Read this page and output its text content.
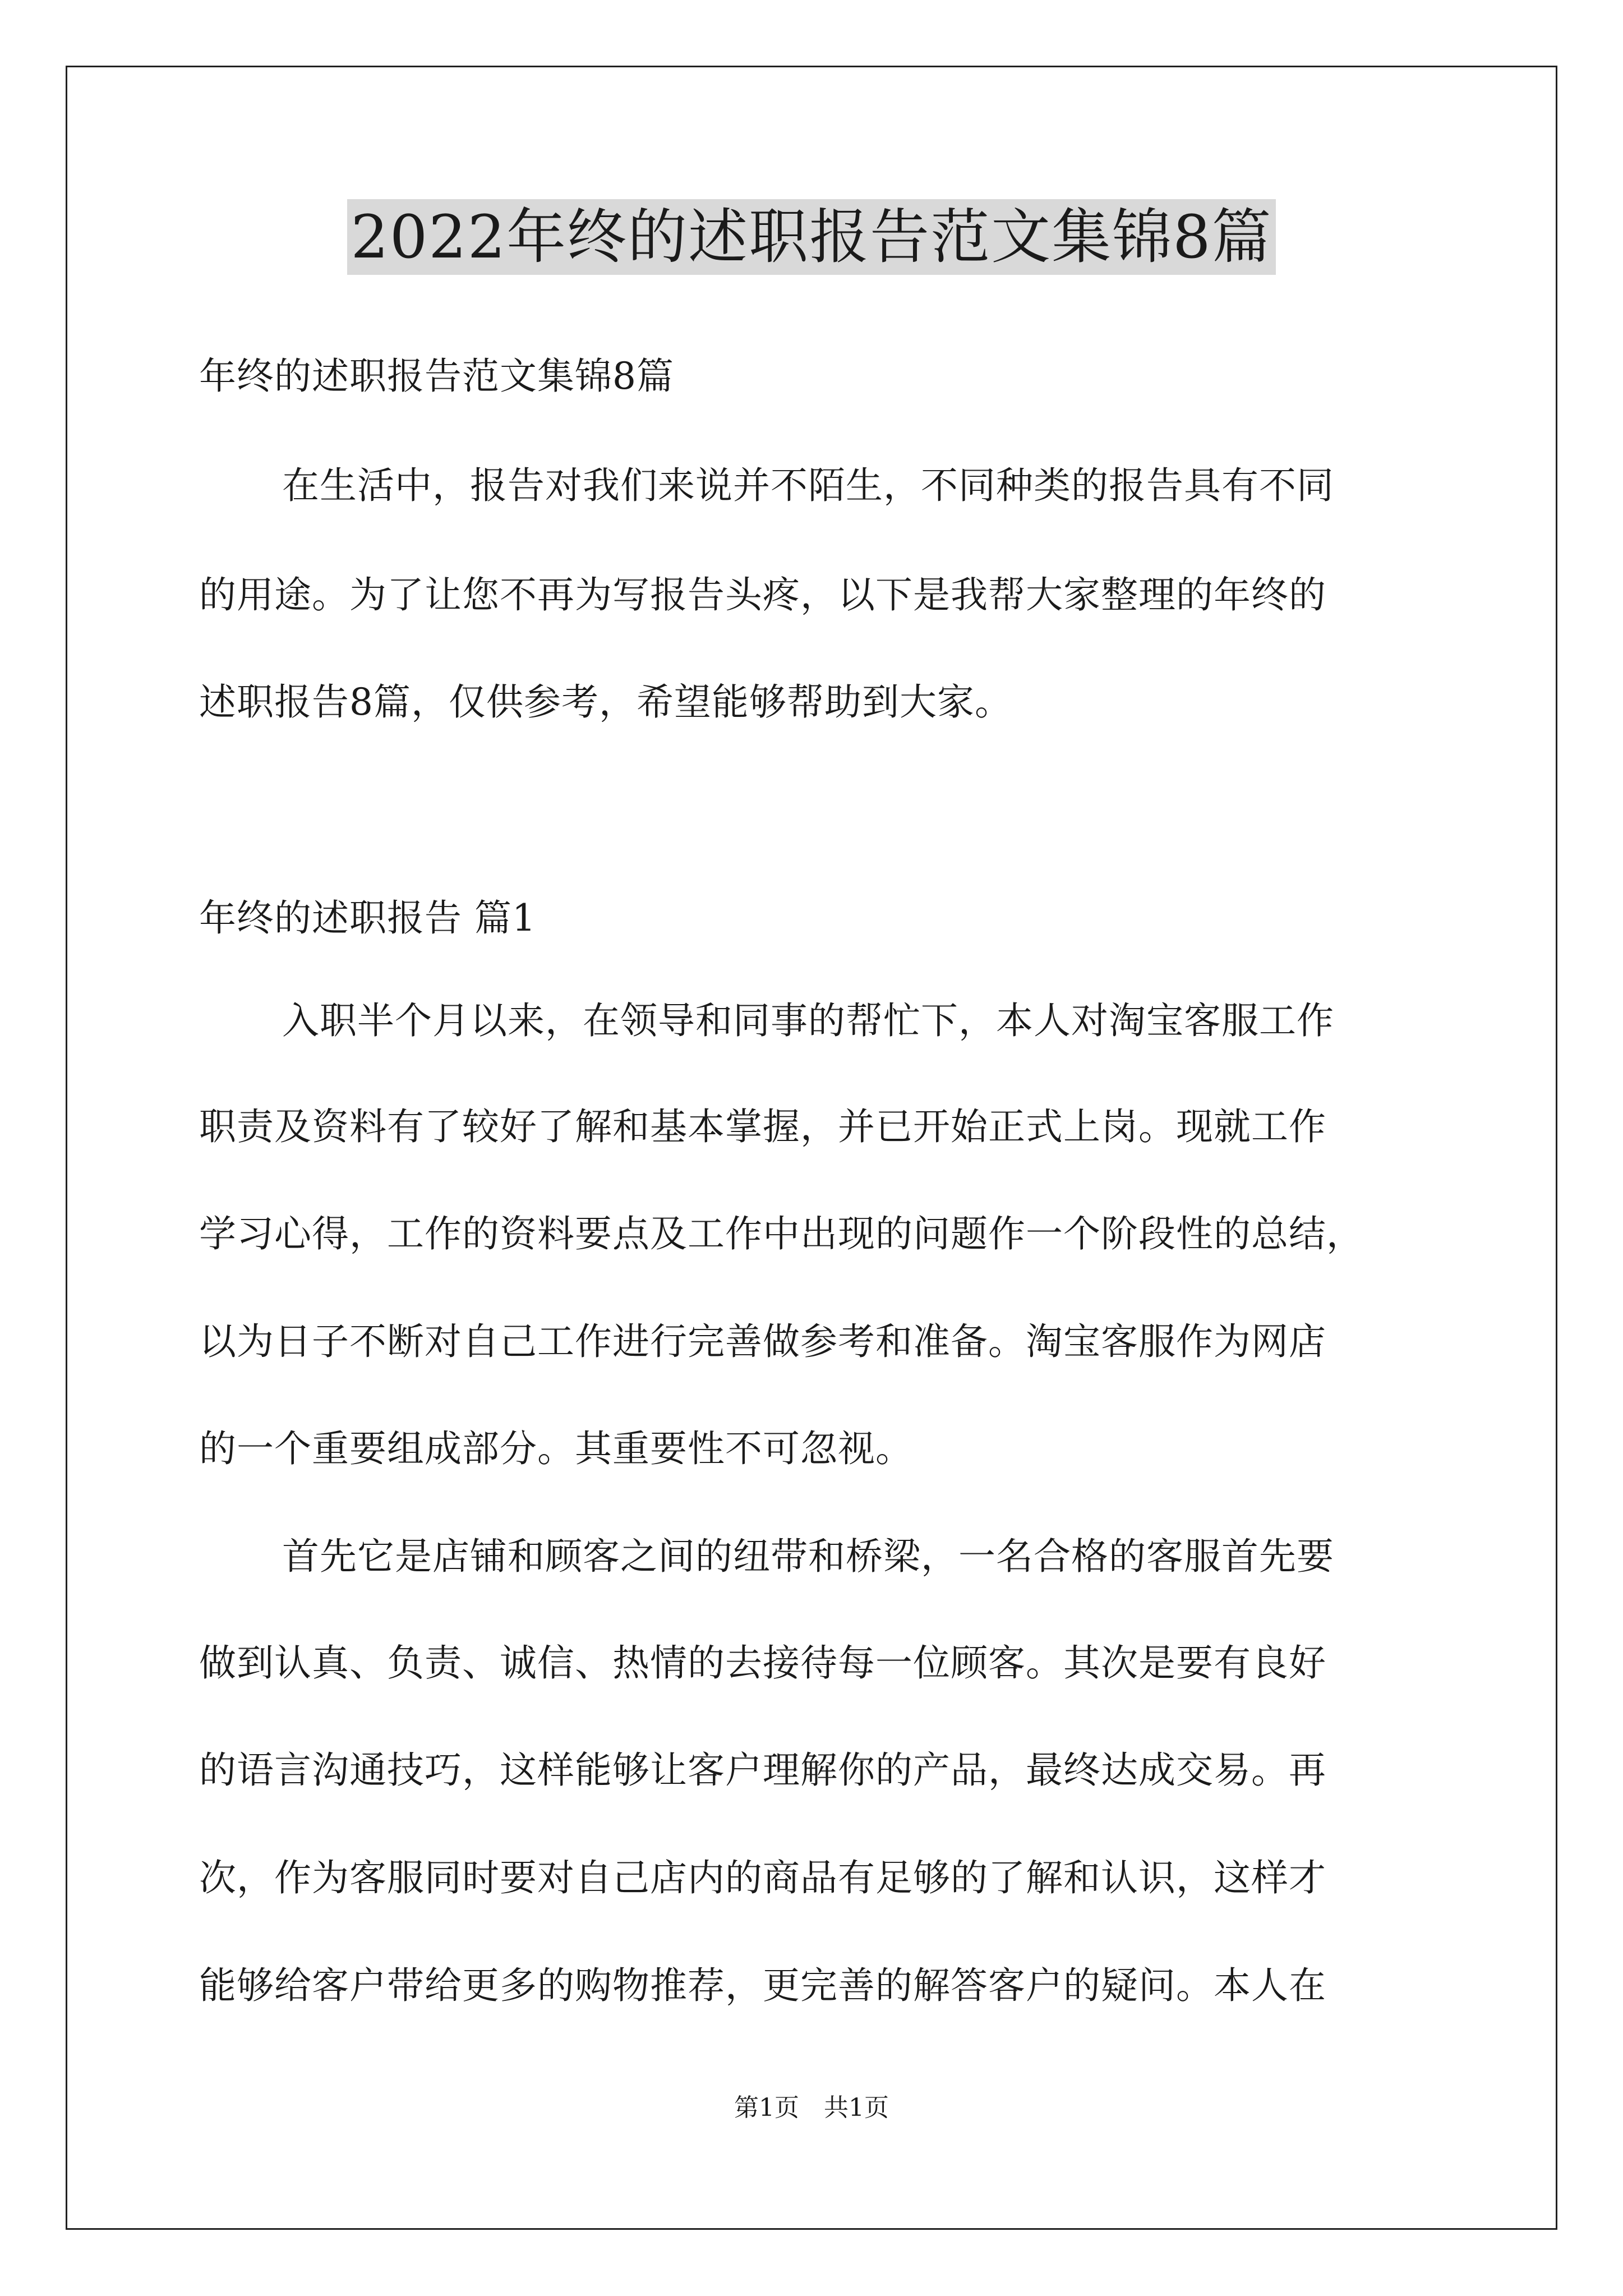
2022年终的述职报告范文集锦8篇
年终的述职报告范文集锦8篇
在生活中，报告对我们来说并不陌生，不同种类的报告具有不同
的用途。为了让您不再为写报告头疼，以下是我帮大家整理的年终的
述职报告8篇，仅供参考，希望能够帮助到大家。
年终的述职报告 篇1
入职半个月以来，在领导和同事的帮忙下，本人对淘宝客服工作
职责及资料有了较好了解和基本掌握，并已开始正式上岗。现就工作
学习心得，工作的资料要点及工作中出现的问题作一个阶段性的总结，
以为日子不断对自己工作进行完善做参考和准备。淘宝客服作为网店
的一个重要组成部分。其重要性不可忽视。
首先它是店铺和顾客之间的纽带和桥梁，一名合格的客服首先要
做到认真、负责、诚信、热情的去接待每一位顾客。其次是要有良好
的语言沟通技巧，这样能够让客户理解你的产品，最终达成交易。再
次，作为客服同时要对自己店内的商品有足够的了解和认识，这样才
能够给客户带给更多的购物推荐，更完善的解答客户的疑问。本人在
第1页　共1页
